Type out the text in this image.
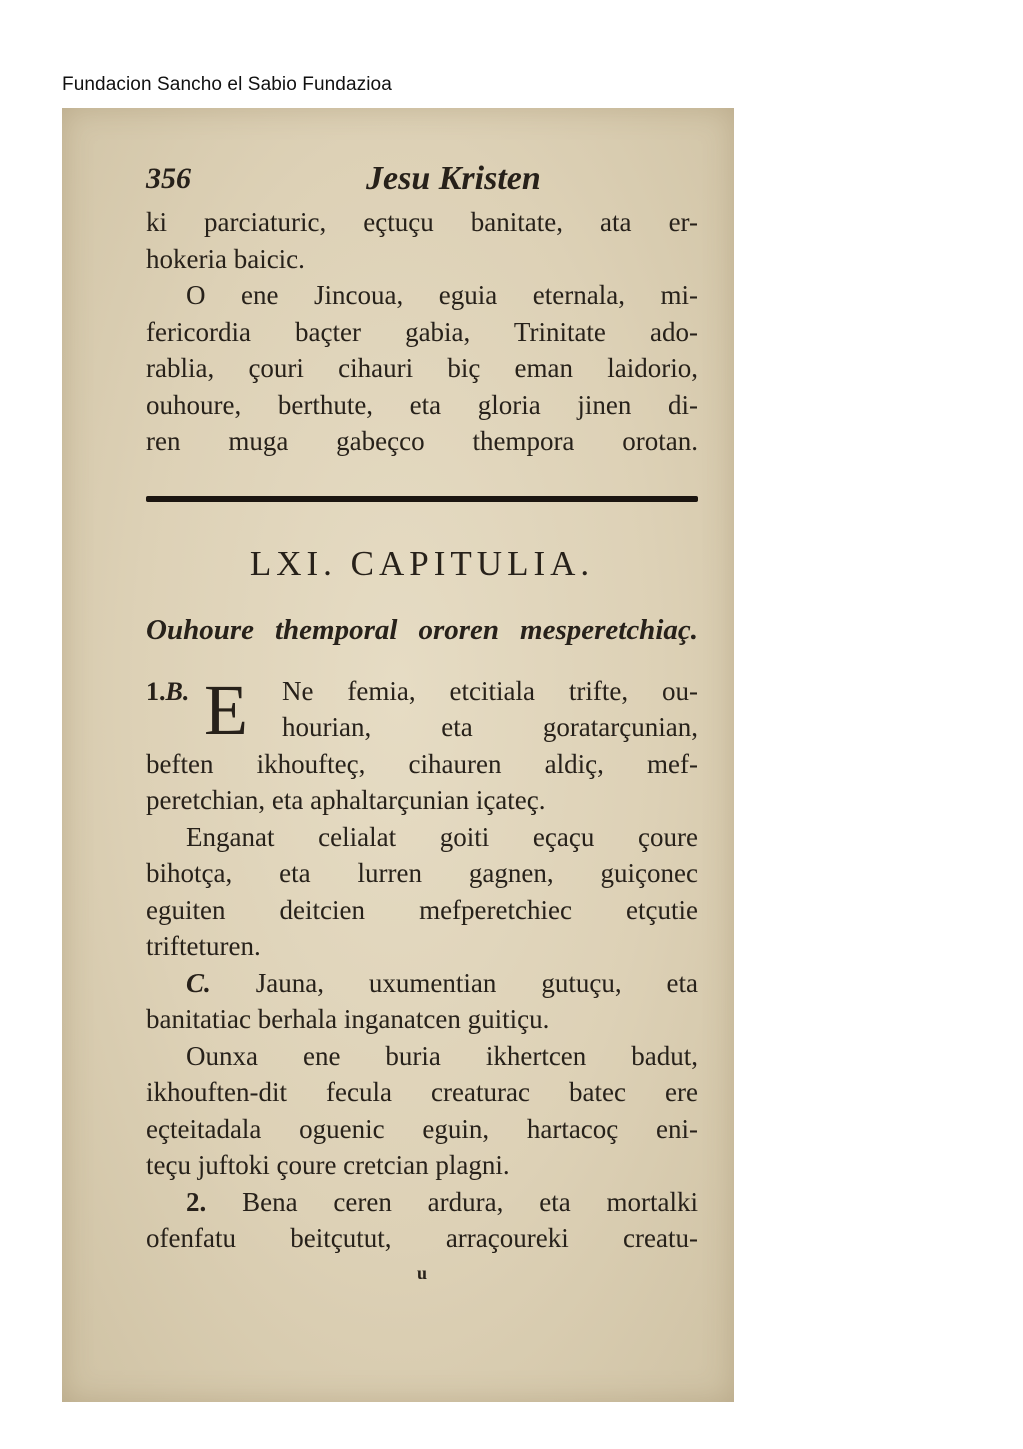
Fundacion Sancho el Sabio Fundazioa
356	Jesu Kristen
ki parciaturic, eçtuçu banitate, ata er-
hokeria baicic.
O ene Jincoua, eguia eternala, mi-
fericordia baçter gabia, Trinitate ado-
rablia, çouri cihauri biç eman laidorio,
ouhoure, berthute, eta gloria jinen di-
ren muga gabeçco thempora orotan.
LXI. CAPITULIA.
Ouhoure themporal ororen mesperetchiaç.
1.B. E	Ne femia, etcitiala trifte, ou-
hourian, eta goratarçunian,
beften ikhoufteç, cihauren aldiç, mef-
peretchian, eta aphaltarçunian içateç.
Enganat celialat goiti eçaçu çoure
bihotça, eta lurren gagnen, guiçonec
eguiten deitcien mefperetchiec etçutie
trifteturen.
C. Jauna, uxumentian gutuçu, eta
banitatiac berhala inganatcen guitiçu.
Ounxa ene buria ikhertcen badut,
ikhouften-dit fecula creaturac batec ere
eçteitadala oguenic eguin, hartacoç eni-
teçu juftoki çoure cretcian plagni.
2. Bena ceren ardura, eta mortalki
ofenfatu beitçutut, arraçoureki creatu-
u
